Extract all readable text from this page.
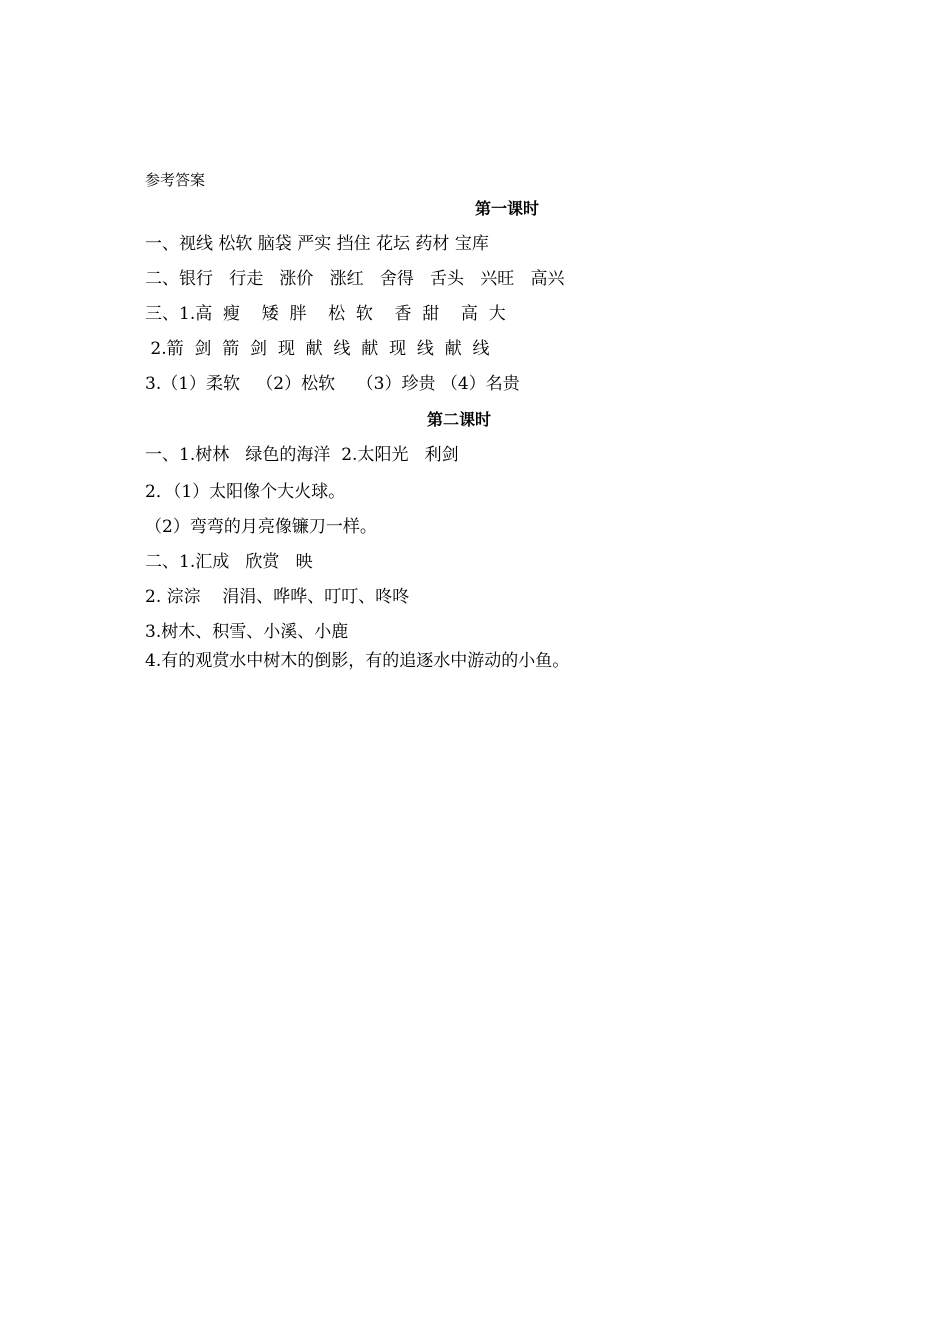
参考答案
第一课时
一、视线 松软 脑袋 严实 挡住 花坛 药材 宝库
二、银行   行走   涨价   涨红   舍得   舌头   兴旺   高兴
三、1.高  瘦    矮  胖    松  软    香  甜    高  大
2.箭  剑  箭  剑  现  献  线  献  现  线  献  线
3.（1）柔软   （2）松软    （3）珍贵 （4）名贵
第二课时
一、1.树林   绿色的海洋  2.太阳光   利剑
2．（1）太阳像个大火球。
（2）弯弯的月亮像镰刀一样。
二、1.汇成   欣赏   映
2. 淙淙    涓涓、哗哗、叮叮、咚咚
3.树木、积雪、小溪、小鹿
4.有的观赏水中树木的倒影，有的追逐水中游动的小鱼。
